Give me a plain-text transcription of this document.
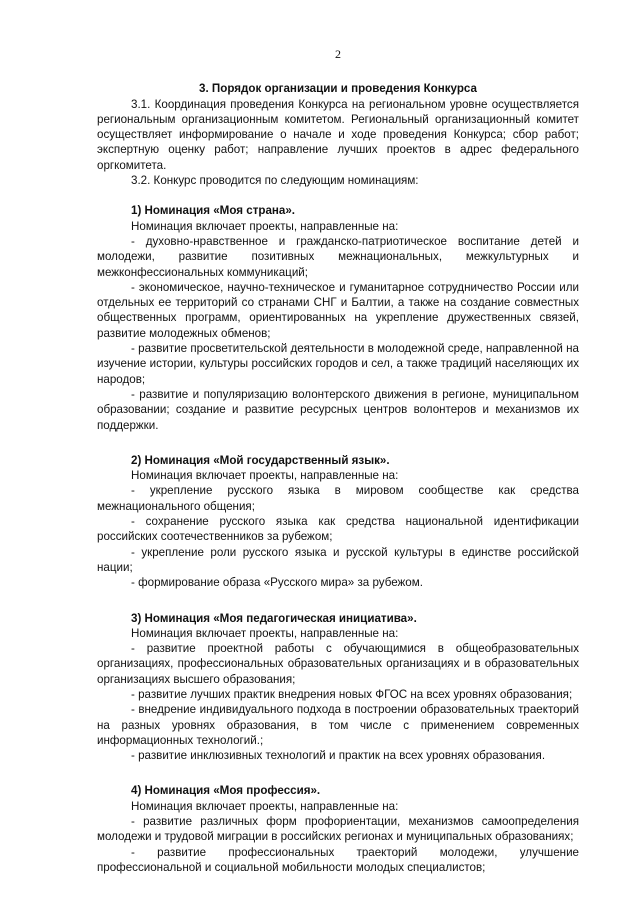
2

3. Порядок организации и проведения Конкурса

3.1. Координация проведения Конкурса на региональном уровне осуществляется региональным организационным комитетом. Региональный организационный комитет осуществляет информирование о начале и ходе проведения Конкурса; сбор работ; экспертную оценку работ; направление лучших проектов в адрес федерального оргкомитета.

3.2. Конкурс проводится по следующим номинациям:

1) Номинация «Моя страна».

Номинация включает проекты, направленные на:

- духовно-нравственное и гражданско-патриотическое воспитание детей и молодежи, развитие позитивных межнациональных, межкультурных и межконфессиональных коммуникаций;

- экономическое, научно-техническое и гуманитарное сотрудничество России или отдельных ее территорий со странами СНГ и Балтии, а также на создание совместных общественных программ, ориентированных на укрепление дружественных связей, развитие молодежных обменов;

- развитие просветительской деятельности в молодежной среде, направленной на изучение истории, культуры российских городов и сел, а также традиций населяющих их народов;

- развитие и популяризацию волонтерского движения в регионе, муниципальном образовании; создание и развитие ресурсных центров волонтеров и механизмов их поддержки.

2) Номинация «Мой государственный язык».

Номинация включает проекты, направленные на:

- укрепление русского языка в мировом сообществе как средства межнационального общения;

- сохранение русского языка как средства национальной идентификации российских соотечественников за рубежом;

- укрепление роли русского языка и русской культуры в единстве российской нации;

- формирование образа «Русского мира» за рубежом.

3) Номинация «Моя педагогическая инициатива».

Номинация включает проекты, направленные на:

- развитие проектной работы с обучающимися в общеобразовательных организациях, профессиональных образовательных организациях и в образовательных организациях высшего образования;

- развитие лучших практик внедрения новых ФГОС на всех уровнях образования;

- внедрение индивидуального подхода в построении образовательных траекторий на разных уровнях образования, в том числе с применением современных информационных технологий.;

- развитие инклюзивных технологий и практик на всех уровнях образования.

4) Номинация «Моя профессия».

Номинация включает проекты, направленные на:

- развитие различных форм профориентации, механизмов самоопределения молодежи и трудовой миграции в российских регионах и муниципальных образованиях;

- развитие профессиональных траекторий молодежи, улучшение профессиональной и социальной мобильности молодых специалистов;
